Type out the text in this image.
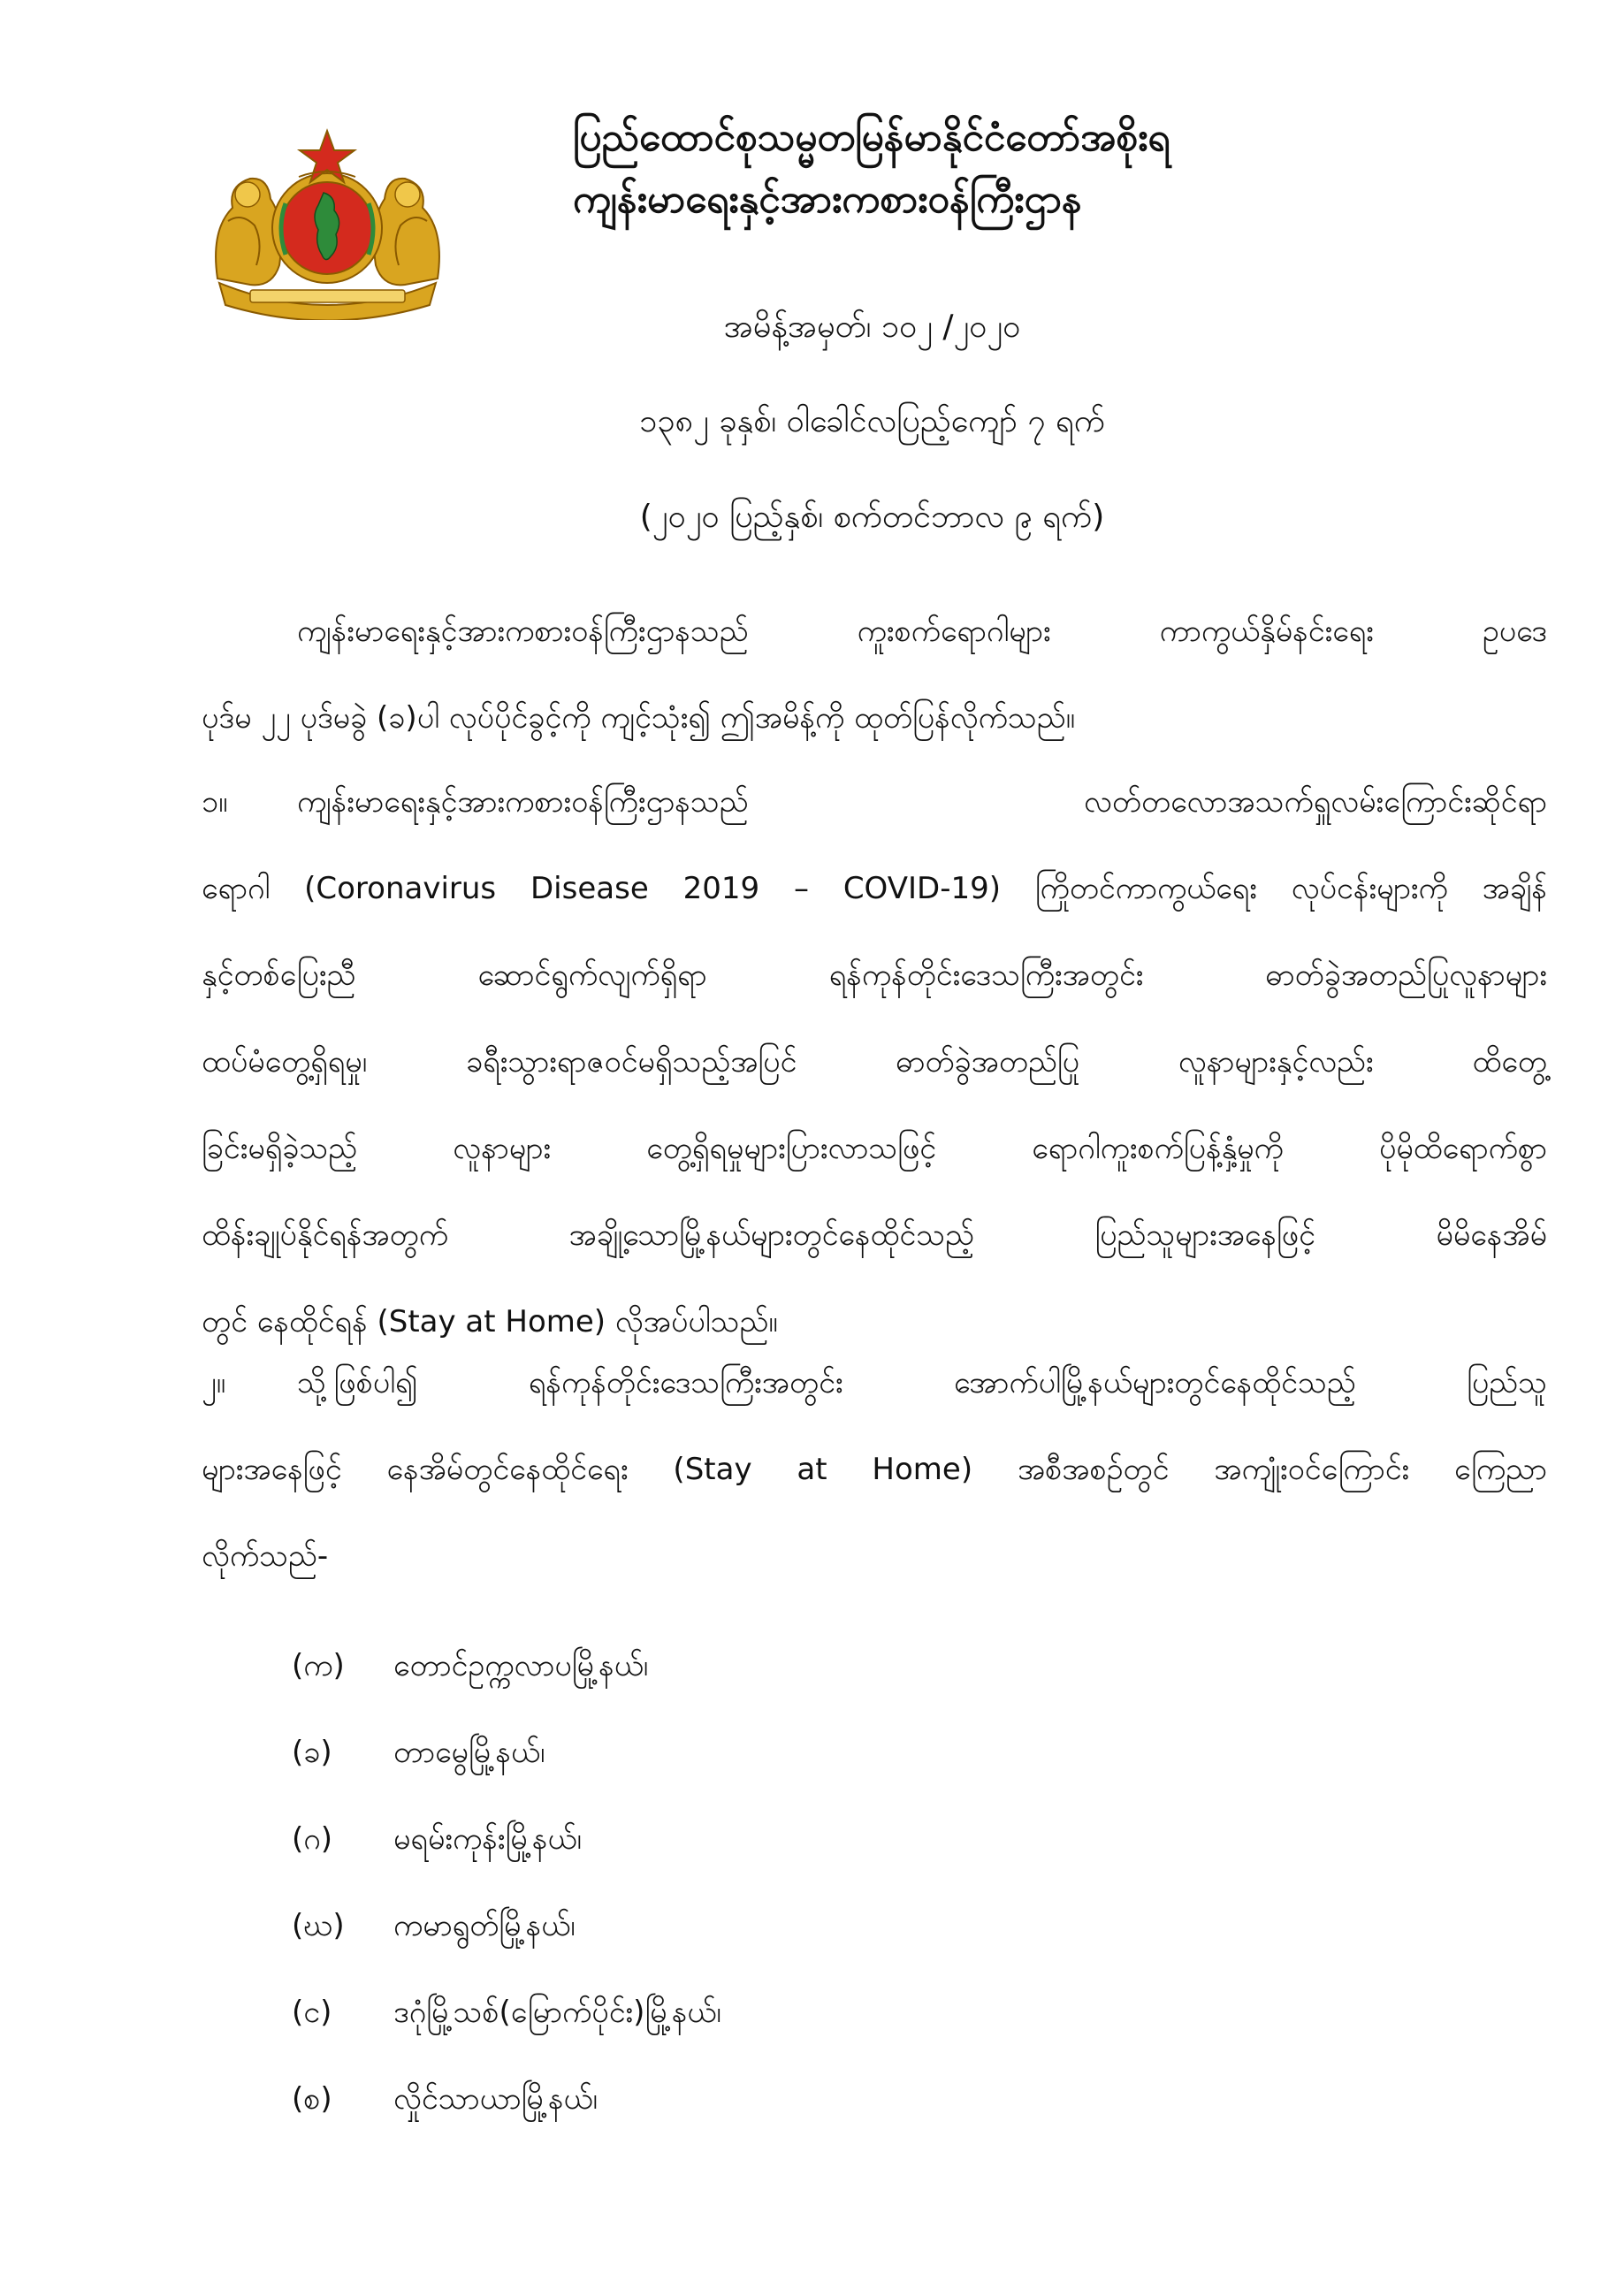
ပြည်ထောင်စုသမ္မတမြန်မာနိုင်ငံတော်အစိုးရ
ကျန်းမာရေးနှင့်အားကစားဝန်ကြီးဌာန
အမိန့်အမှတ်၊ ၁၀၂ /၂၀၂၀
၁၃၈၂ ခုနှစ်၊ ဝါခေါင်လပြည့်ကျော် ၇ ရက်
(၂၀၂၀ ပြည့်နှစ်၊ စက်တင်ဘာလ ၉ ရက်)
ကျန်းမာရေးနှင့်အားကစားဝန်ကြီးဌာနသည် ကူးစက်ရောဂါများ ကာကွယ်နှိမ်နင်းရေး ဥပဒေ
ပုဒ်မ ၂၂ ပုဒ်မခွဲ (ခ)ပါ လုပ်ပိုင်ခွင့်ကို ကျင့်သုံး၍ ဤအမိန့်ကို ထုတ်ပြန်လိုက်သည်။
၁။ ကျန်းမာရေးနှင့်အားကစားဝန်ကြီးဌာနသည် လတ်တလောအသက်ရှူလမ်းကြောင်းဆိုင်ရာ
ရောဂါ (Coronavirus Disease 2019 – COVID-19) ကြိုတင်ကာကွယ်ရေး လုပ်ငန်းများကို အချိန်
နှင့်တစ်ပြေးညီ ဆောင်ရွက်လျက်ရှိရာ ရန်ကုန်တိုင်းဒေသကြီးအတွင်း ဓာတ်ခွဲအတည်ပြုလူနာများ
ထပ်မံတွေ့ရှိရမှု၊ ခရီးသွားရာဇဝင်မရှိသည့်အပြင် ဓာတ်ခွဲအတည်ပြု လူနာများနှင့်လည်း ထိတွေ့
ခြင်းမရှိခဲ့သည့် လူနာများ တွေ့ရှိရမှုများပြားလာသဖြင့် ရောဂါကူးစက်ပြန့်နှံ့မှုကို ပိုမိုထိရောက်စွာ
ထိန်းချုပ်နိုင်ရန်အတွက် အချို့သောမြို့နယ်များတွင်နေထိုင်သည့် ပြည်သူများအနေဖြင့် မိမိနေအိမ်
တွင် နေထိုင်ရန် (Stay at Home) လိုအပ်ပါသည်။
၂။ သို့ဖြစ်ပါ၍ ရန်ကုန်တိုင်းဒေသကြီးအတွင်း အောက်ပါမြို့နယ်များတွင်နေထိုင်သည့် ပြည်သူ
များအနေဖြင့် နေအိမ်တွင်နေထိုင်ရေး (Stay at Home) အစီအစဉ်တွင် အကျုံးဝင်ကြောင်း ကြေညာ
လိုက်သည်-
(က) တောင်ဥက္ကလာပမြို့နယ်၊
(ခ) တာမွေမြို့နယ်၊
(ဂ) မရမ်းကုန်းမြို့နယ်၊
(ဃ) ကမာရွတ်မြို့နယ်၊
(င) ဒဂုံမြို့သစ်(မြောက်ပိုင်း)မြို့နယ်၊
(စ) လှိုင်သာယာမြို့နယ်၊
